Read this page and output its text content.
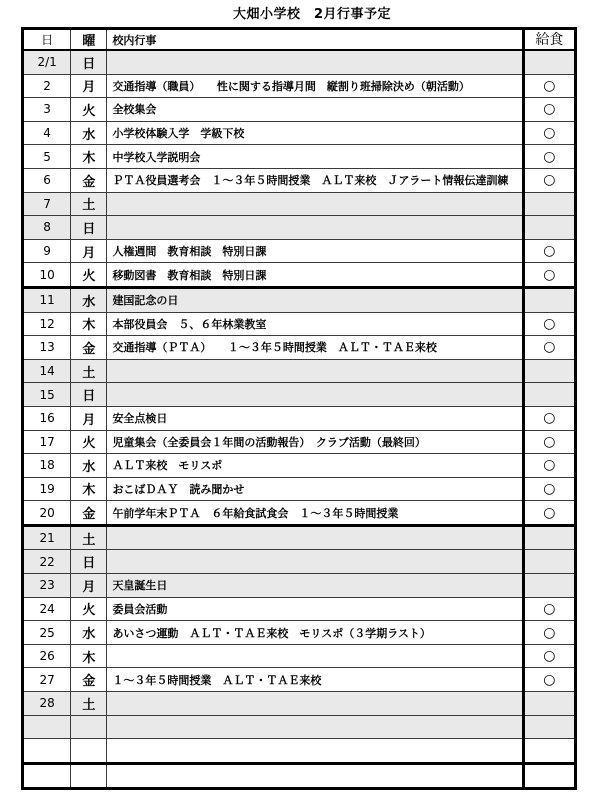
大畑小学校　2月行事予定
日	曜	校内行事	給食
2/1	日		
2	月	交通指導（職員）　　性に関する指導月間　縦割り班掃除決め（朝活動）	○
3	火	全校集会	○
4	水	小学校体験入学　学級下校	○
5	木	中学校入学説明会	○
6	金	ＰＴＡ役員選考会　１～３年５時間授業　ＡＬＴ来校　Ｊアラート情報伝達訓練	○
7	土		
8	日		
9	月	人権週間　教育相談　特別日課	○
10	火	移動図書　教育相談　特別日課	○
11	水	建国記念の日	
12	木	本部役員会　５、６年林業教室	○
13	金	交通指導（ＰＴＡ）　　１～３年５時間授業　ＡＬＴ・ＴＡＥ来校	○
14	土		
15	日		
16	月	安全点検日	○
17	火	児童集会（全委員会１年間の活動報告）　クラブ活動（最終回）	○
18	水	ＡＬＴ来校　モリスポ	○
19	木	おこばＤＡＹ　読み聞かせ	○
20	金	午前学年末ＰＴＡ　６年給食試食会　１～３年５時間授業	○
21	土		
22	日		
23	月	天皇誕生日	
24	火	委員会活動	○
25	水	あいさつ運動　ＡＬＴ・ＴＡＥ来校　モリスポ（３学期ラスト）	○
26	木		○
27	金	１～３年５時間授業　ＡＬＴ・ＴＡＥ来校	○
28	土		
